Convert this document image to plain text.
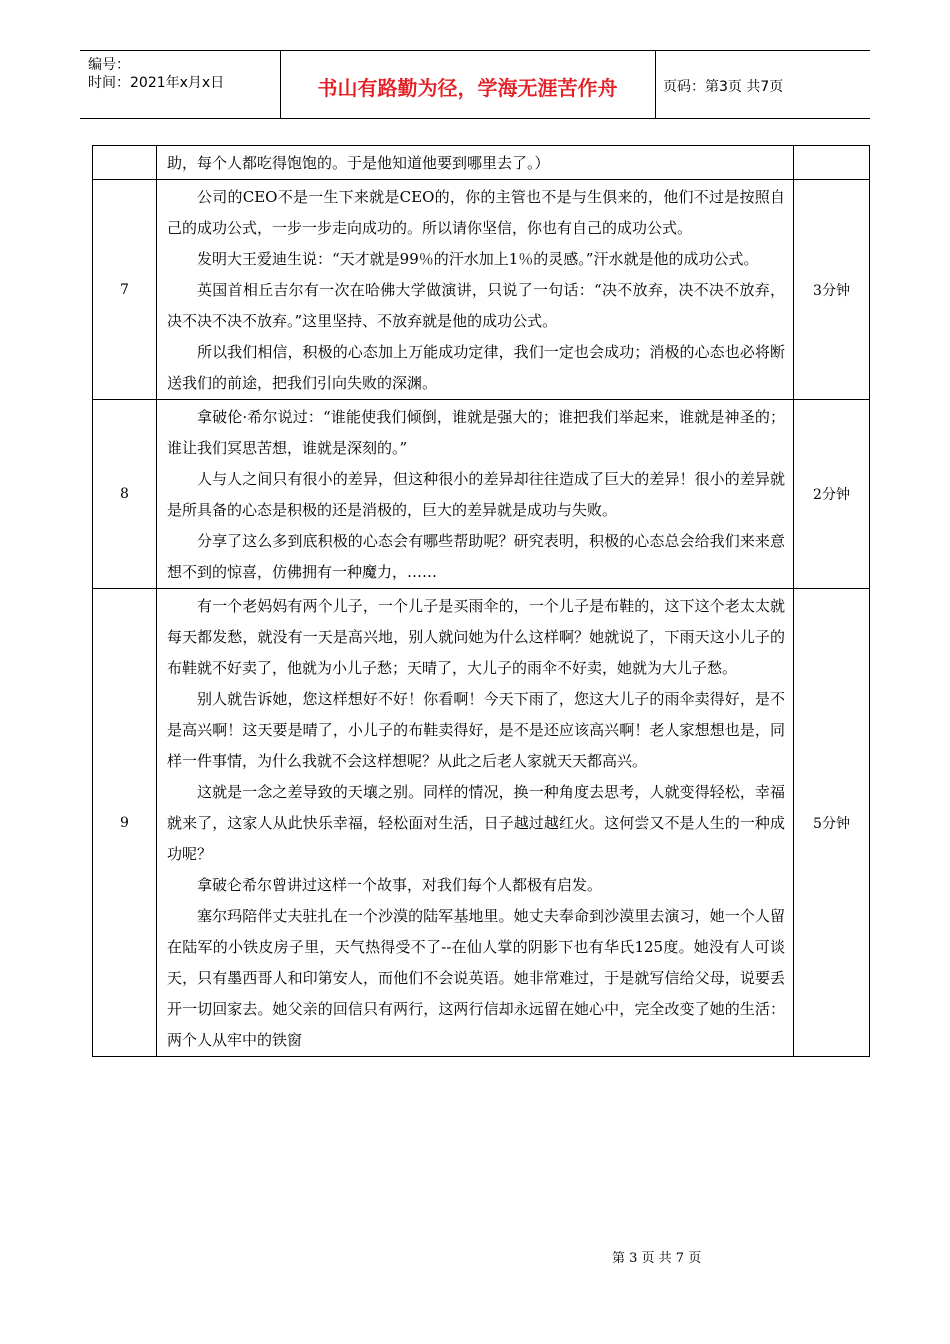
编号：
时间：2021年x月x日	书山有路勤为径，学海无涯苦作舟	页码：第3页 共7页

	助，每个人都吃得饱饱的。于是他知道他要到哪里去了。）	

7	公司的CEO不是一生下来就是CEO的，你的主管也不是与生俱来的，他们不过是按照自己的成功公式，一步一步走向成功的。所以请你坚信，你也有自己的成功公式。

发明大王爱迪生说：“天才就是99％的汗水加上1％的灵感。”汗水就是他的成功公式。

英国首相丘吉尔有一次在哈佛大学做演讲，只说了一句话：“决不放弃，决不决不放弃，决不决不决不放弃。”这里坚持、不放弃就是他的成功公式。

所以我们相信，积极的心态加上万能成功定律，我们一定也会成功；消极的心态也必将断送我们的前途，把我们引向失败的深渊。	3分钟
8	拿破伦·希尔说过：“谁能使我们倾倒，谁就是强大的；谁把我们举起来，谁就是神圣的；谁让我们冥思苦想，谁就是深刻的。”

人与人之间只有很小的差异，但这种很小的差异却往往造成了巨大的差异！很小的差异就是所具备的心态是积极的还是消极的，巨大的差异就是成功与失败。

分享了这么多到底积极的心态会有哪些帮助呢？研究表明，积极的心态总会给我们来来意想不到的惊喜，仿佛拥有一种魔力，……	2分钟
9	有一个老妈妈有两个儿子，一个儿子是买雨伞的，一个儿子是布鞋的，这下这个老太太就每天都发愁，就没有一天是高兴地，别人就问她为什么这样啊？她就说了，下雨天这小儿子的布鞋就不好卖了，他就为小儿子愁；天晴了，大儿子的雨伞不好卖，她就为大儿子愁。

别人就告诉她，您这样想好不好！你看啊！今天下雨了，您这大儿子的雨伞卖得好，是不是高兴啊！这天要是晴了，小儿子的布鞋卖得好，是不是还应该高兴啊！老人家想想也是，同样一件事情，为什么我就不会这样想呢？从此之后老人家就天天都高兴。

这就是一念之差导致的天壤之别。同样的情况，换一种角度去思考，人就变得轻松，幸福就来了，这家人从此快乐幸福，轻松面对生活，日子越过越红火。这何尝又不是人生的一种成功呢？

拿破仑希尔曾讲过这样一个故事，对我们每个人都极有启发。

塞尔玛陪伴丈夫驻扎在一个沙漠的陆军基地里。她丈夫奉命到沙漠里去演习，她一个人留在陆军的小铁皮房子里，天气热得受不了--在仙人掌的阴影下也有华氏125度。她没有人可谈天，只有墨西哥人和印第安人，而他们不会说英语。她非常难过，于是就写信给父母，说要丢开一切回家去。她父亲的回信只有两行，这两行信却永远留在她心中，完全改变了她的生活：两个人从牢中的铁窗	5分钟
第 3 页 共 7 页
